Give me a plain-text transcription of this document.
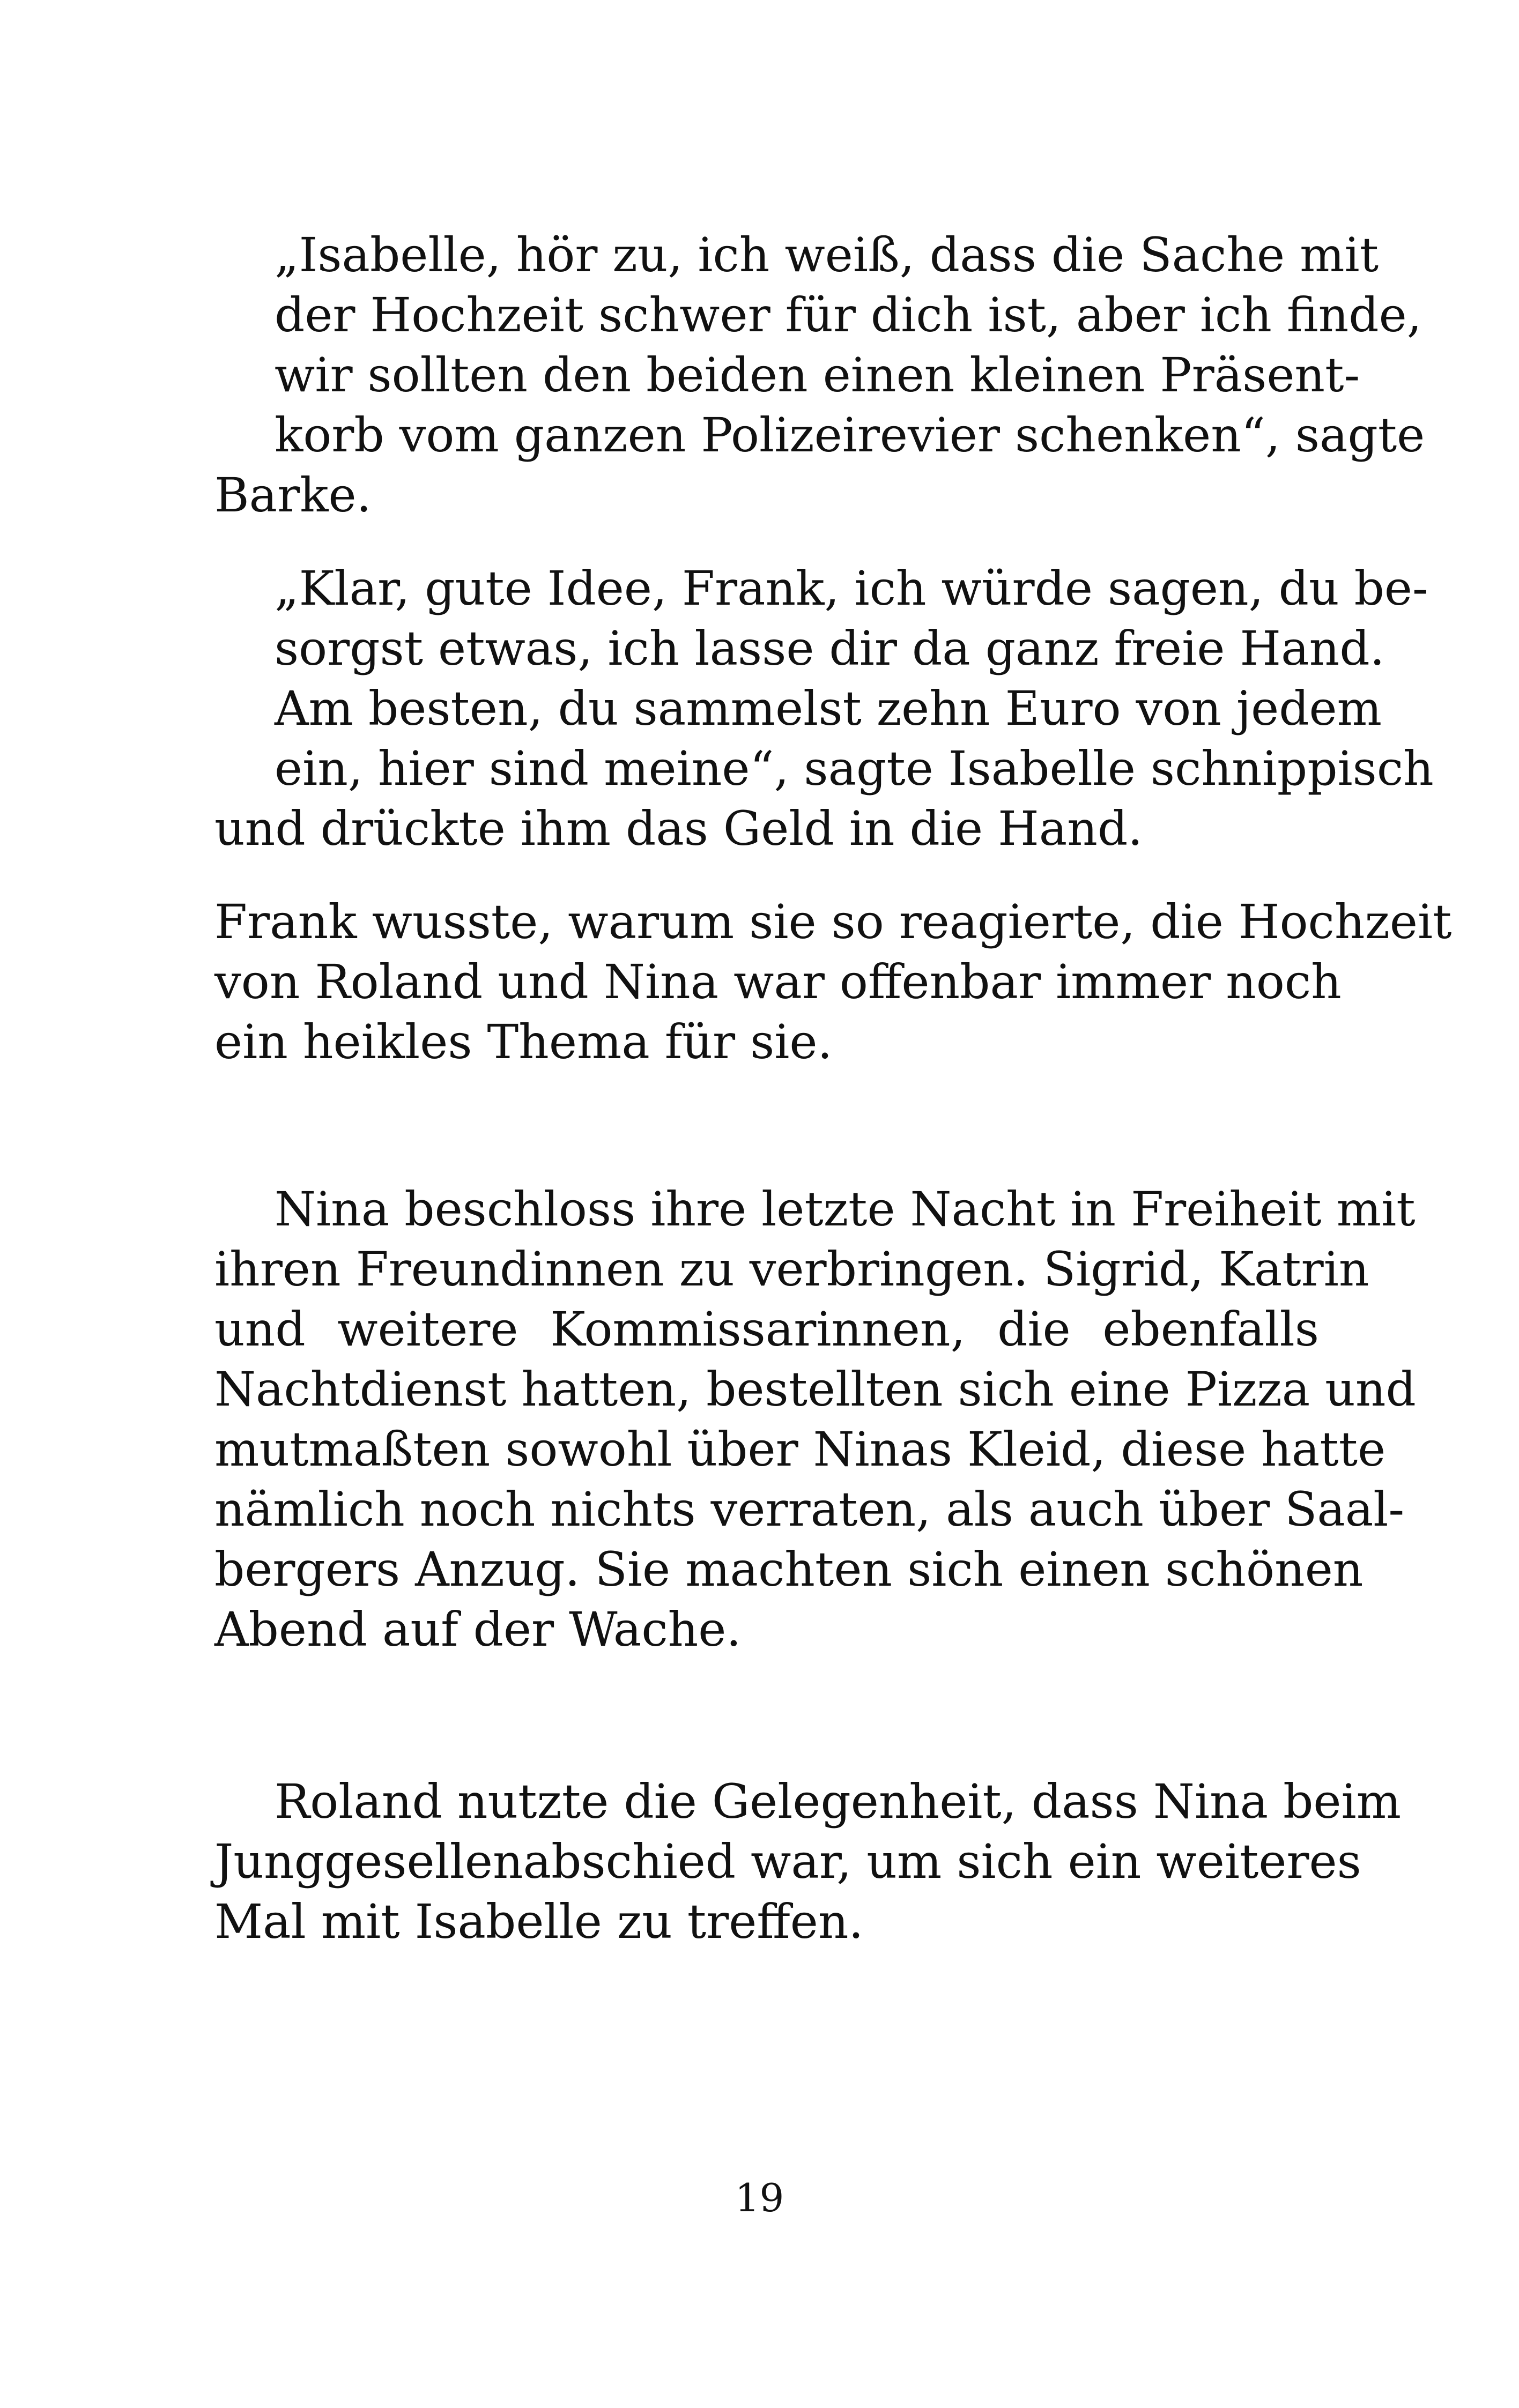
„Isabelle, hör zu, ich weiß, dass die Sache mit
der Hochzeit schwer für dich ist, aber ich finde,
wir sollten den beiden einen kleinen Präsent-
korb vom ganzen Polizeirevier schenken“, sagte
Barke.
„Klar, gute Idee, Frank, ich würde sagen, du be-
sorgst etwas, ich lasse dir da ganz freie Hand.
Am besten, du sammelst zehn Euro von jedem
ein, hier sind meine“, sagte Isabelle schnippisch
und drückte ihm das Geld in die Hand.
Frank wusste, warum sie so reagierte, die Hochzeit
von Roland und Nina war offenbar immer noch
ein heikles Thema für sie.
Nina beschloss ihre letzte Nacht in Freiheit mit
ihren Freundinnen zu verbringen. Sigrid, Katrin
und weitere Kommissarinnen, die ebenfalls
Nachtdienst hatten, bestellten sich eine Pizza und
mutmaßten sowohl über Ninas Kleid, diese hatte
nämlich noch nichts verraten, als auch über Saal-
bergers Anzug. Sie machten sich einen schönen
Abend auf der Wache.
Roland nutzte die Gelegenheit, dass Nina beim
Junggesellenabschied war, um sich ein weiteres
Mal mit Isabelle zu treffen.
19
